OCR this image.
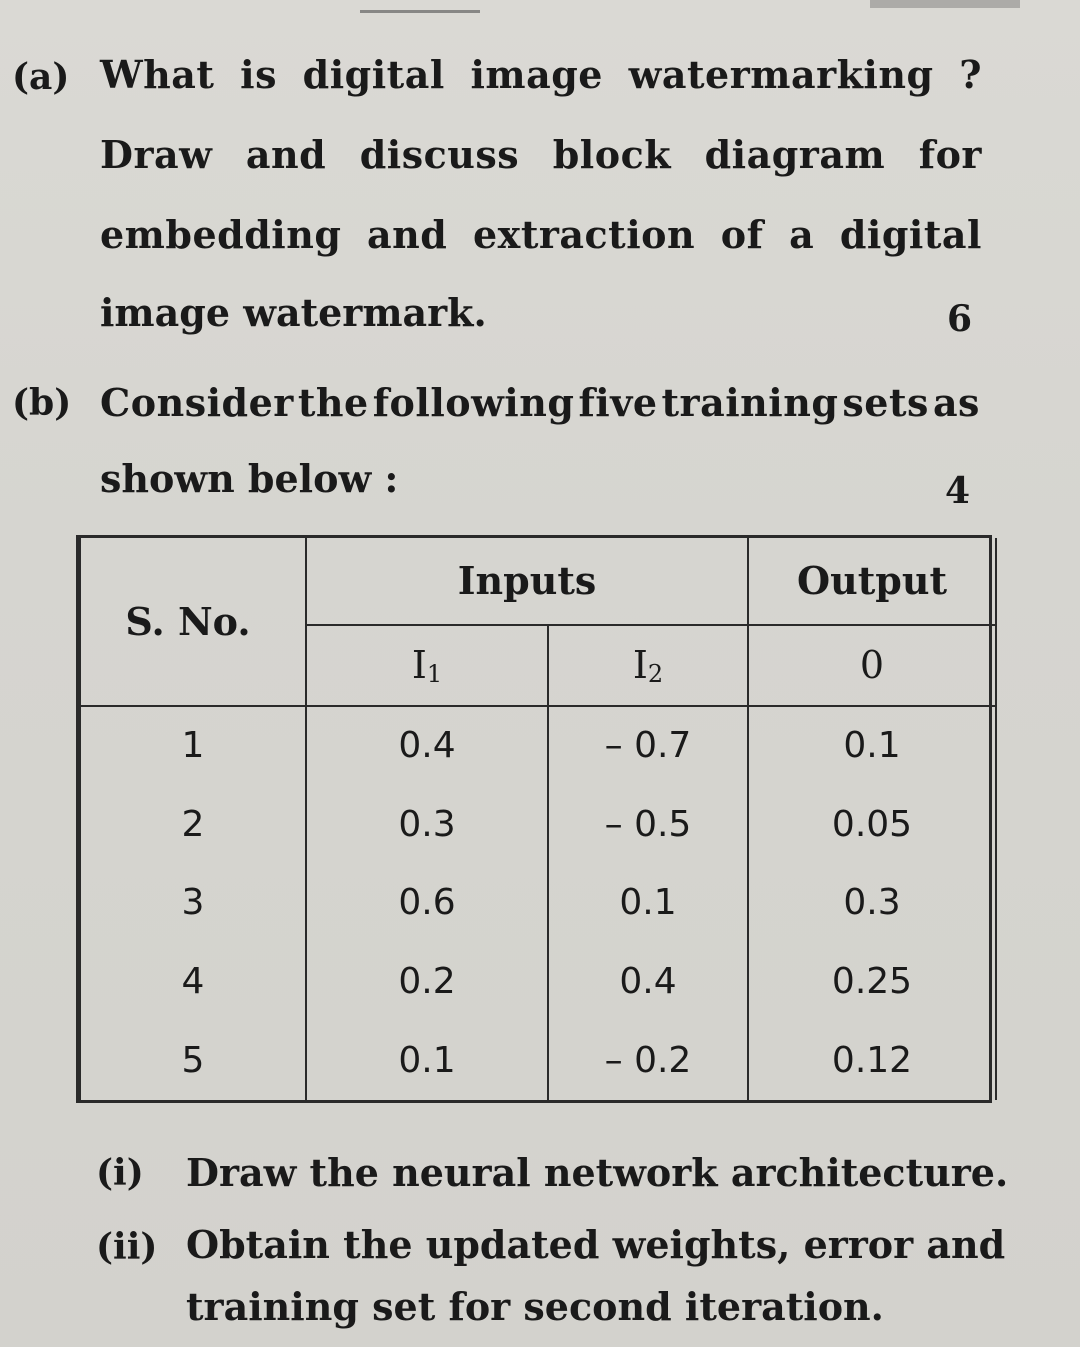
(a) What is digital image watermarking ?
Draw and discuss block diagram for
embedding and extraction of a digital
image watermark.	6
(b) Consider the following five training sets as
shown below :	4
S. No.	Inputs		Output
	$I_1$	$I_2$	0
1	0.4	– 0.7	0.1
2	0.3	– 0.5	0.05
3	0.6	0.1	0.3
4	0.2	0.4	0.25
5	0.1	– 0.2	0.12
(i) Draw the neural network architecture.
(ii) Obtain the updated weights, error and
training set for second iteration.
